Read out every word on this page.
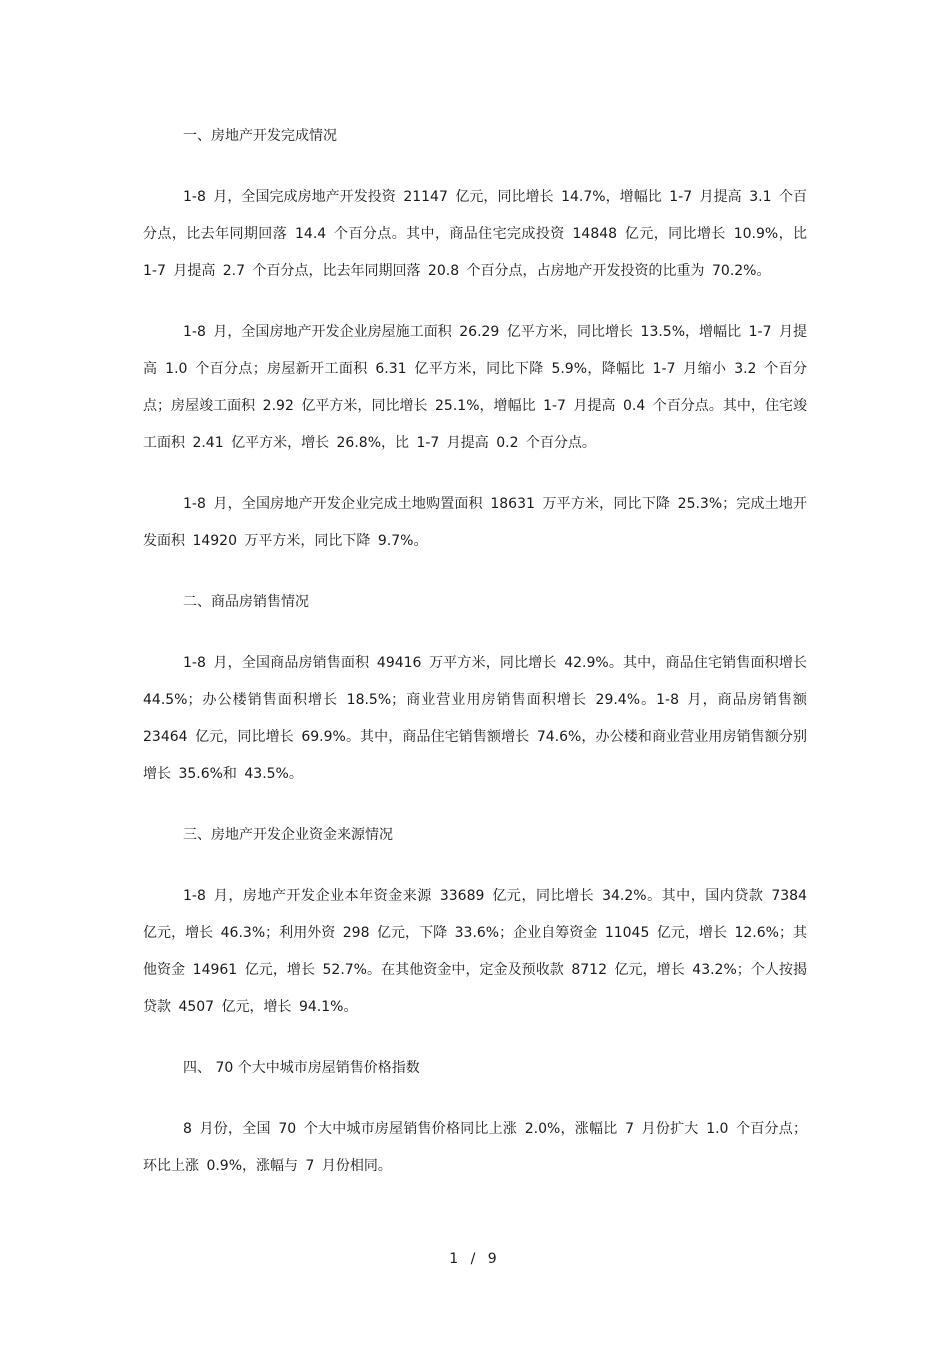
一、房地产开发完成情况
1-8 月，全国完成房地产开发投资 21147 亿元，同比增长 14.7%，增幅比 1-7 月提高 3.1 个百分点，比去年同期回落 14.4 个百分点。其中，商品住宅完成投资 14848 亿元，同比增长 10.9%，比 1-7 月提高 2.7 个百分点，比去年同期回落 20.8 个百分点，占房地产开发投资的比重为 70.2%。
1-8 月，全国房地产开发企业房屋施工面积 26.29 亿平方米，同比增长 13.5%，增幅比 1-7 月提高 1.0 个百分点；房屋新开工面积 6.31 亿平方米，同比下降 5.9%，降幅比 1-7 月缩小 3.2 个百分点；房屋竣工面积 2.92 亿平方米，同比增长 25.1%，增幅比 1-7 月提高 0.4 个百分点。其中，住宅竣工面积 2.41 亿平方米，增长 26.8%，比 1-7 月提高 0.2 个百分点。
1-8 月，全国房地产开发企业完成土地购置面积 18631 万平方米，同比下降 25.3%；完成土地开发面积 14920 万平方米，同比下降 9.7%。
二、商品房销售情况
1-8 月，全国商品房销售面积 49416 万平方米，同比增长 42.9%。其中，商品住宅销售面积增长 44.5%；办公楼销售面积增长 18.5%；商业营业用房销售面积增长 29.4%。1-8 月，商品房销售额 23464 亿元，同比增长 69.9%。其中，商品住宅销售额增长 74.6%，办公楼和商业营业用房销售额分别增长 35.6%和 43.5%。
三、房地产开发企业资金来源情况
1-8 月，房地产开发企业本年资金来源 33689 亿元，同比增长 34.2%。其中，国内贷款 7384 亿元，增长 46.3%；利用外资 298 亿元，下降 33.6%；企业自筹资金 11045 亿元，增长 12.6%；其他资金 14961 亿元，增长 52.7%。在其他资金中，定金及预收款 8712 亿元，增长 43.2%；个人按揭贷款 4507 亿元，增长 94.1%。
四、 70 个大中城市房屋销售价格指数
8 月份，全国 70 个大中城市房屋销售价格同比上涨 2.0%，涨幅比 7 月份扩大 1.0 个百分点；环比上涨 0.9%，涨幅与 7 月份相同。
1 / 9
